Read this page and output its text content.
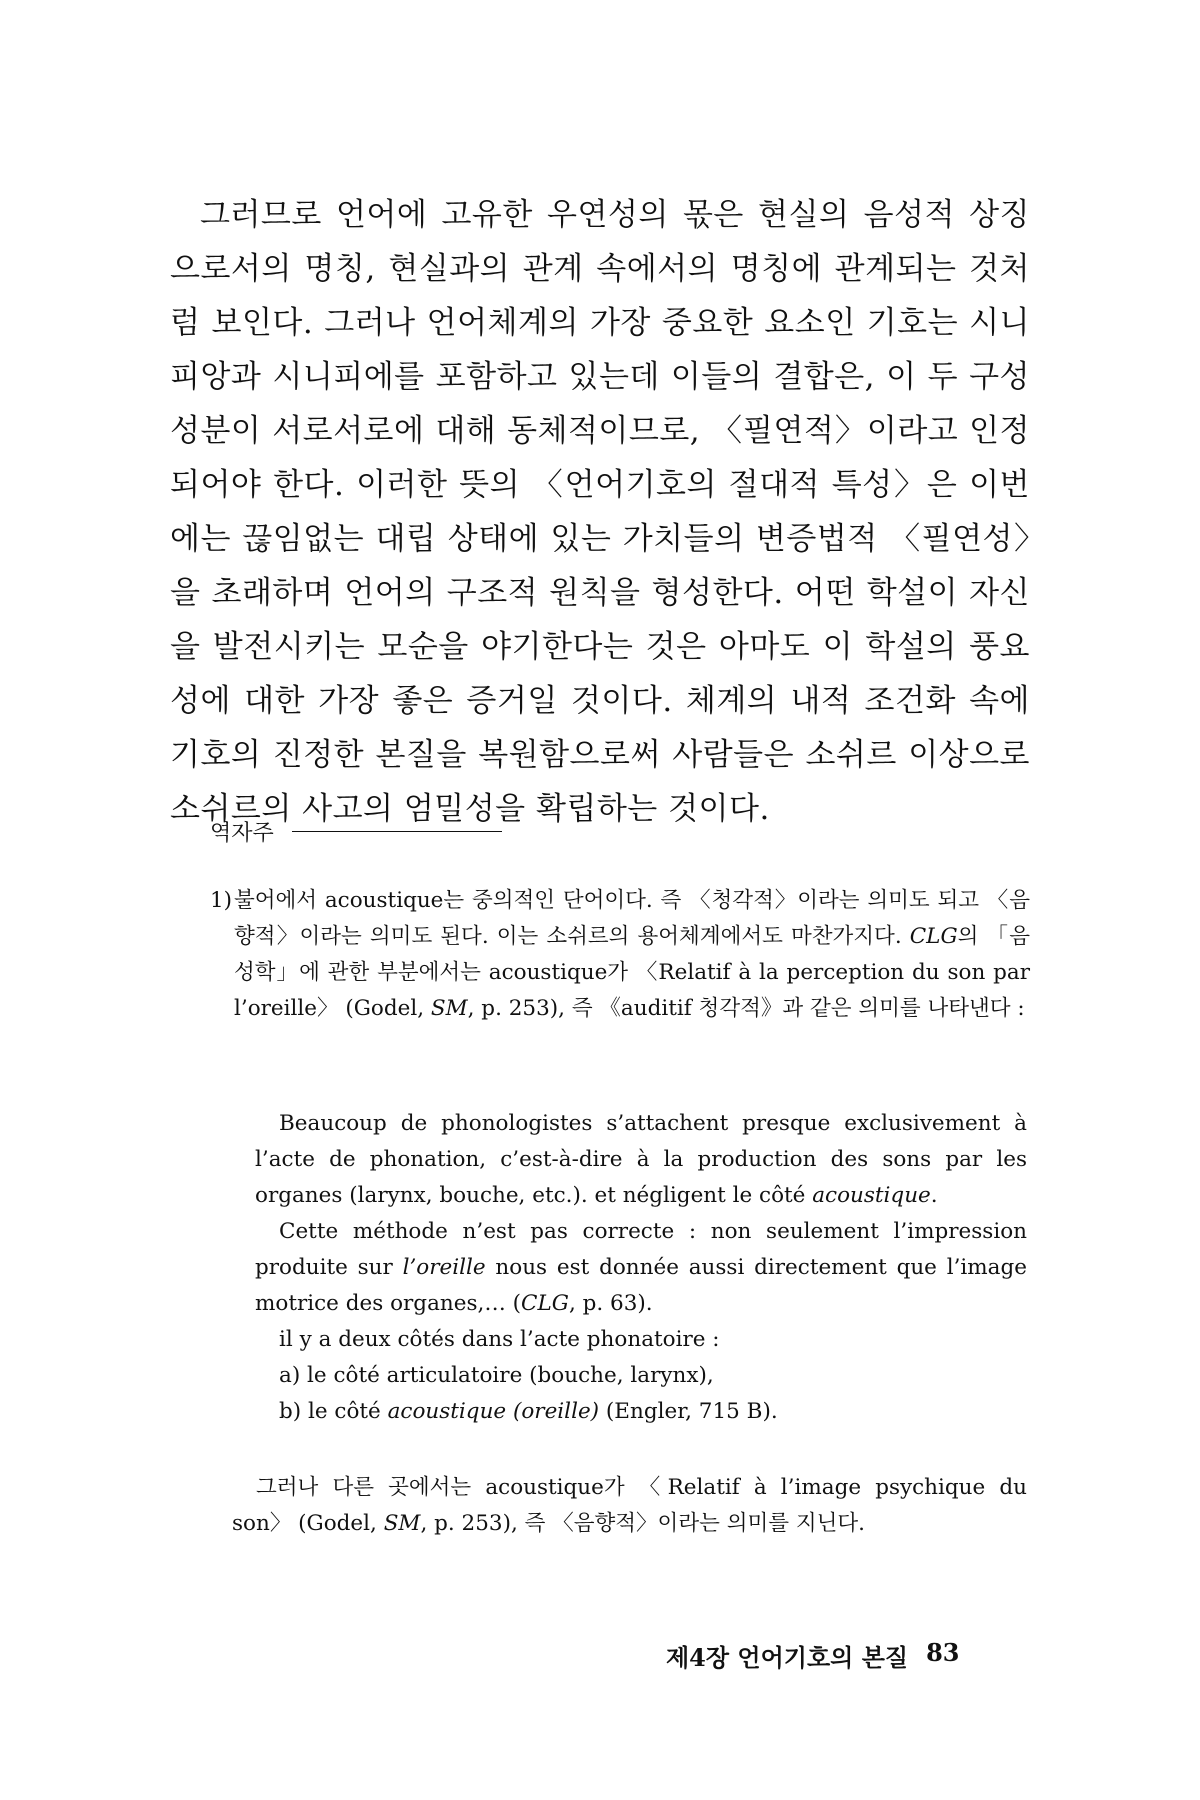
그러므로 언어에 고유한 우연성의 몫은 현실의 음성적 상징으로서의 명칭, 현실과의 관계 속에서의 명칭에 관계되는 것처럼 보인다. 그러나 언어체계의 가장 중요한 요소인 기호는 시니피앙과 시니피에를 포함하고 있는데 이들의 결합은, 이 두 구성성분이 서로서로에 대해 동체적이므로, 〈필연적〉이라고 인정되어야 한다. 이러한 뜻의 〈언어기호의 절대적 특성〉은 이번에는 끊임없는 대립 상태에 있는 가치들의 변증법적 〈필연성〉을 초래하며 언어의 구조적 원칙을 형성한다. 어떤 학설이 자신을 발전시키는 모순을 야기한다는 것은 아마도 이 학설의 풍요성에 대한 가장 좋은 증거일 것이다. 체계의 내적 조건화 속에 기호의 진정한 본질을 복원함으로써 사람들은 소쉬르 이상으로 소쉬르의 사고의 엄밀성을 확립하는 것이다.
역자주
1) 불어에서 acoustique는 중의적인 단어이다. 즉 〈청각적〉이라는 의미도 되고 〈음향적〉이라는 의미도 된다. 이는 소쉬르의 용어체계에서도 마찬가지다. CLG의 「음성학」에 관한 부분에서는 acoustique가 〈Relatif à la perception du son par l’oreille〉 (Godel, SM, p. 253), 즉 《auditif 청각적》과 같은 의미를 나타낸다 :

Beaucoup de phonologistes s’attachent presque exclusivement à l’acte de phonation, c’est-à-dire à la production des sons par les organes (larynx, bouche, etc.). et négligent le côté acoustique.

Cette méthode n’est pas correcte : non seulement l’impression produite sur l’oreille nous est donnée aussi directement que l’image motrice des organes,… (CLG, p. 63).

il y a deux côtés dans l’acte phonatoire :

a) le côté articulatoire (bouche, larynx),

b) le côté acoustique (oreille) (Engler, 715 B).

그러나 다른 곳에서는 acoustique가 〈Relatif à l’image psychique du son〉 (Godel, SM, p. 253), 즉 〈음향적〉이라는 의미를 지닌다.
제4장 언어기호의 본질 83
